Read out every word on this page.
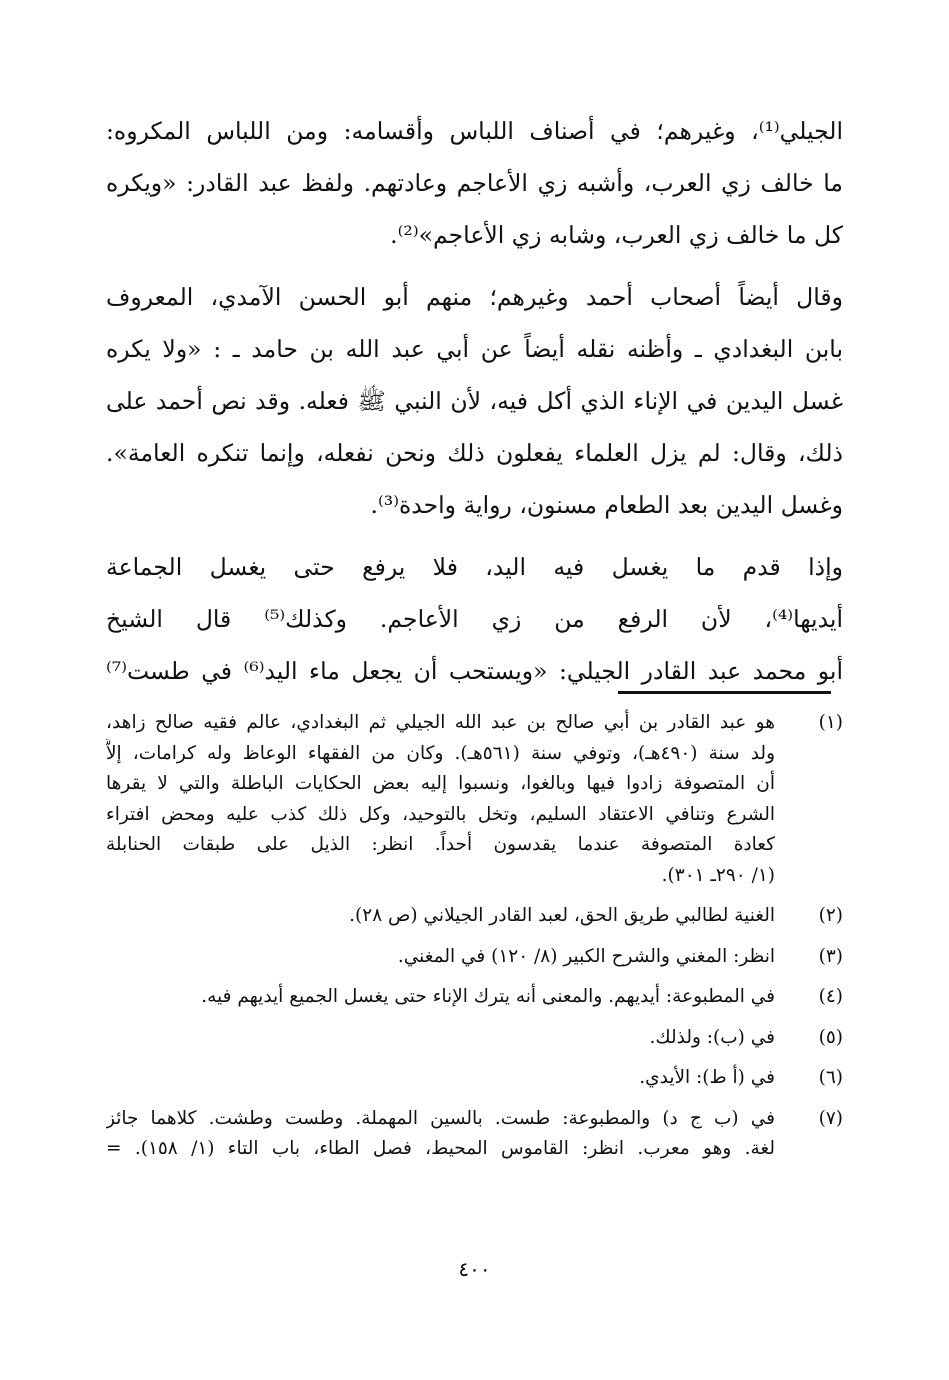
الجيلي⁽¹⁾، وغيرهم؛ في أصناف اللباس وأقسامه: ومن اللباس المكروه:
ما خالف زي العرب، وأشبه زي الأعاجم وعادتهم. ولفظ عبد القادر: «ويكره
كل ما خالف زي العرب، وشابه زي الأعاجم»⁽²⁾.
وقال أيضاً أصحاب أحمد وغيرهم؛ منهم أبو الحسن الآمدي، المعروف
بابن البغدادي ـ وأظنه نقله أيضاً عن أبي عبد الله بن حامد ـ : «ولا يكره
غسل اليدين في الإناء الذي أكل فيه، لأن النبي ﷺ فعله. وقد نص أحمد على
ذلك، وقال: لم يزل العلماء يفعلون ذلك ونحن نفعله، وإنما تنكره العامة».
وغسل اليدين بعد الطعام مسنون، رواية واحدة⁽³⁾.
وإذا قدم ما يغسل فيه اليد، فلا يرفع حتى يغسل الجماعة
أيديها⁽⁴⁾، لأن الرفع من زي الأعاجم. وكذلك⁽⁵⁾ قال الشيخ
أبو محمد عبد القادر الجيلي: «ويستحب أن يجعل ماء اليد⁽⁶⁾ في طست⁽⁷⁾
(١)
هو عبد القادر بن أبي صالح بن عبد الله الجيلي ثم البغدادي، عالم فقيه صالح زاهد،
ولد سنة (٤٩٠هـ)، وتوفي سنة (٥٦١هـ). وكان من الفقهاء الوعاظ وله كرامات، إلاَّ
أن المتصوفة زادوا فيها وبالغوا، ونسبوا إليه بعض الحكايات الباطلة والتي لا يقرها
الشرع وتنافي الاعتقاد السليم، وتخل بالتوحيد، وكل ذلك كذب عليه ومحض افتراء
كعادة المتصوفة عندما يقدسون أحداً. انظر: الذيل على طبقات الحنابلة
(١/ ٢٩٠ـ ٣٠١).
(٢)
الغنية لطالبي طريق الحق، لعبد القادر الجيلاني (ص ٢٨).
(٣)
انظر: المغني والشرح الكبير (٨/ ١٢٠) في المغني.
(٤)
في المطبوعة: أيديهم. والمعنى أنه يترك الإناء حتى يغسل الجميع أيديهم فيه.
(٥)
في (ب): ولذلك.
(٦)
في (أ ط): الأيدي.
(٧)
في (ب ج د) والمطبوعة: طست. بالسين المهملة. وطست وطشت. كلاهما جائز
لغة. وهو معرب. انظر: القاموس المحيط، فصل الطاء، باب التاء (١/ ١٥٨). =
٤٠٠
